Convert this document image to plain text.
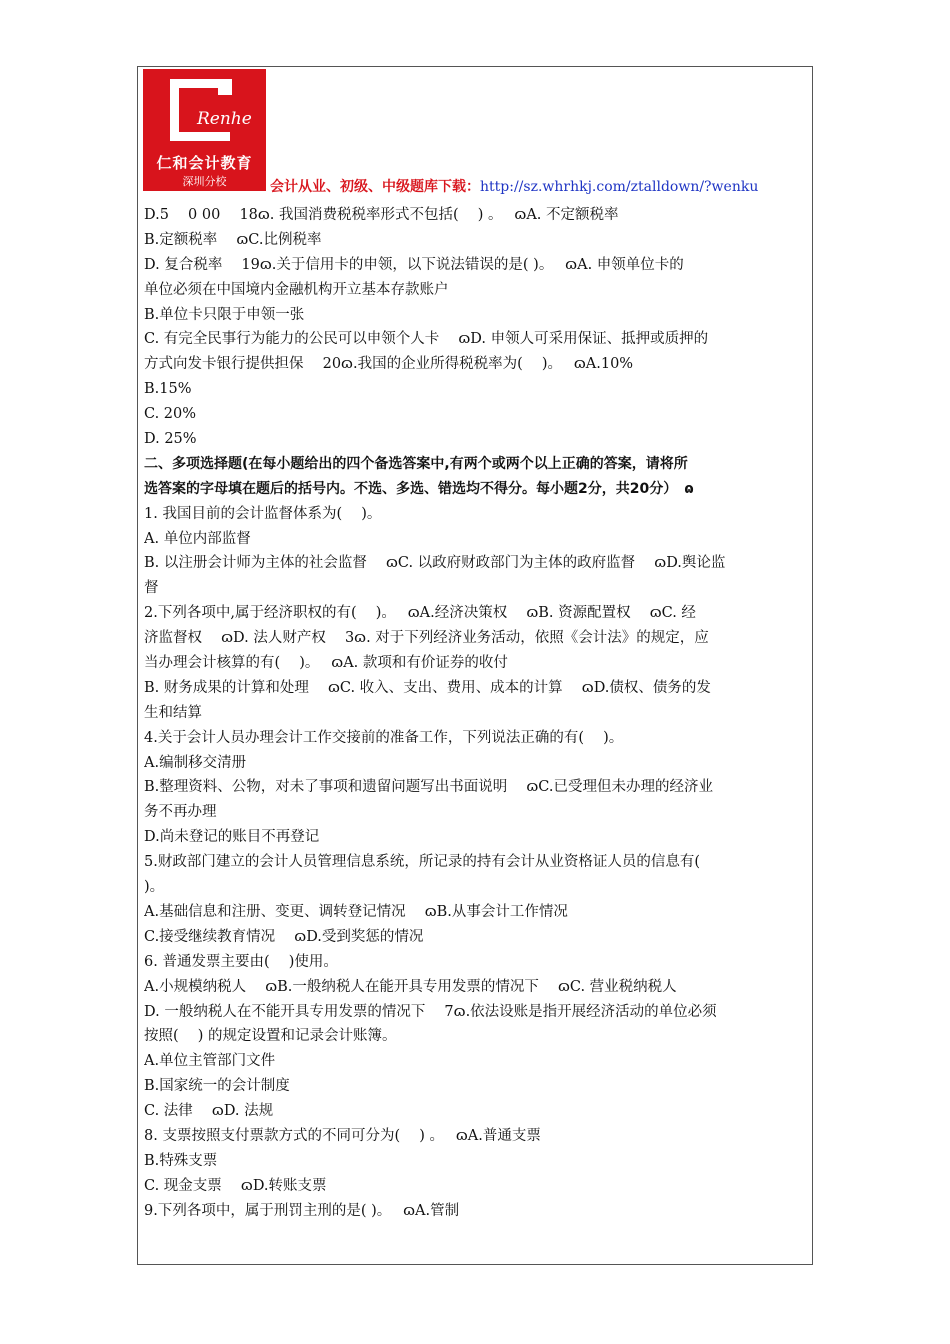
Renhe
仁和会计教育
深圳分校	会计从业、初级、中级题库下载：http://sz.whrhkj.com/ztalldown/?wenku
D.5　 0 00　 18ɷ. 我国消费税税率形式不包括(　 ) 。　 ɷA. 不定额税率
B.定额税率　 ɷC.比例税率
D. 复合税率　 19ɷ.关于信用卡的申领，以下说法错误的是( )。　 ɷA. 申领单位卡的
单位必须在中国境内金融机构开立基本存款账户
B.单位卡只限于申领一张
C. 有完全民事行为能力的公民可以申领个人卡　 ɷD. 申领人可采用保证、抵押或质押的
方式向发卡银行提供担保　 20ɷ.我国的企业所得税税率为(　 )。　 ɷA.10%
B.15%
C. 20%
D. 25%
二、多项选择题(在每小题给出的四个备选答案中,有两个或两个以上正确的答案，请将所
选答案的字母填在题后的括号内。不选、多选、错选均不得分。每小题2分，共20分）　ɷ
1. 我国目前的会计监督体系为(　 )。
A. 单位内部监督
B. 以注册会计师为主体的社会监督　 ɷC. 以政府财政部门为主体的政府监督　 ɷD.舆论监
督
2.下列各项中,属于经济职权的有(　 )。　 ɷA.经济决策权　 ɷB. 资源配置权　 ɷC. 经
济监督权　 ɷD. 法人财产权　 3ɷ. 对于下列经济业务活动，依照《会计法》的规定，应
当办理会计核算的有(　 )。　 ɷA. 款项和有价证券的收付
B. 财务成果的计算和处理　 ɷC. 收入、支出、费用、成本的计算　 ɷD.债权、债务的发
生和结算
4.关于会计人员办理会计工作交接前的准备工作，下列说法正确的有(　 )。
A.编制移交清册
B.整理资料、公物，对未了事项和遗留问题写出书面说明　 ɷC.已受理但未办理的经济业
务不再办理
D.尚未登记的账目不再登记
5.财政部门建立的会计人员管理信息系统，所记录的持有会计从业资格证人员的信息有(
)。
A.基础信息和注册、变更、调转登记情况　 ɷB.从事会计工作情况
C.接受继续教育情况　 ɷD.受到奖惩的情况
6. 普通发票主要由(　 )使用。
A.小规模纳税人　 ɷB.一般纳税人在能开具专用发票的情况下　 ɷC. 营业税纳税人
D. 一般纳税人在不能开具专用发票的情况下　 7ɷ.依法设账是指开展经济活动的单位必须
按照(　 ) 的规定设置和记录会计账簿。
A.单位主管部门文件
B.国家统一的会计制度
C. 法律　 ɷD. 法规
8. 支票按照支付票款方式的不同可分为(　 ) 。　 ɷA.普通支票
B.特殊支票
C. 现金支票　 ɷD.转账支票
9.下列各项中，属于刑罚主刑的是( )。　 ɷA.管制
